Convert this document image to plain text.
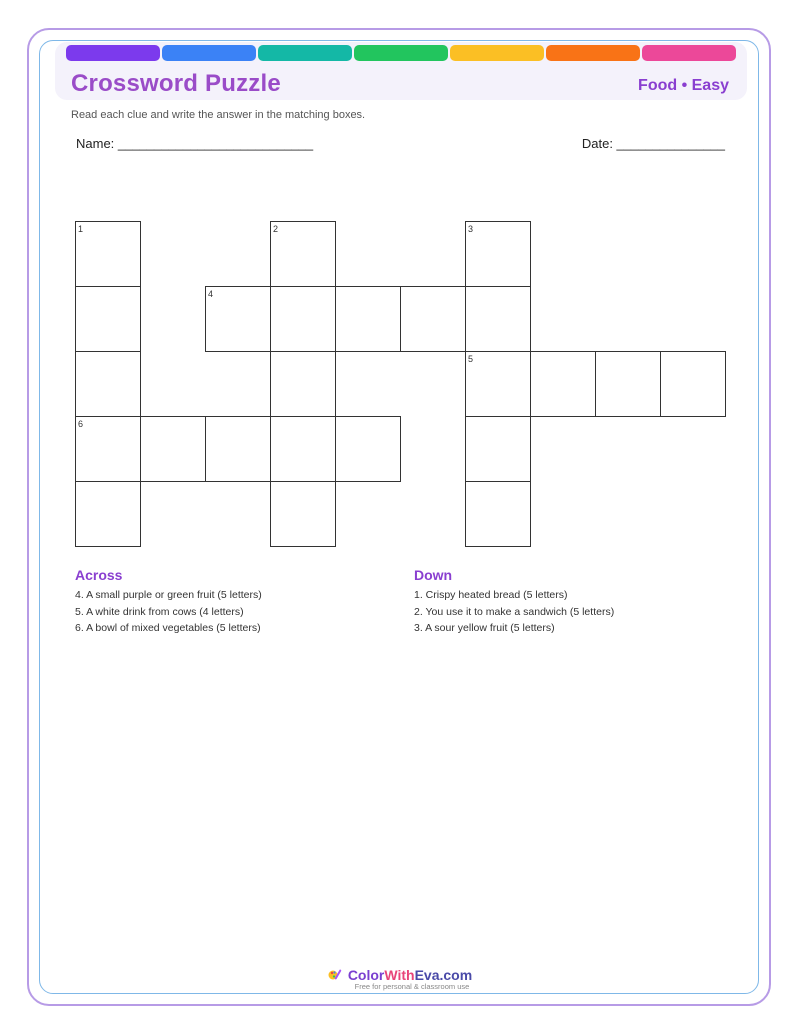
Crossword Puzzle	Food • Easy
Read each clue and write the answer in the matching boxes.
Name: ___________________________	Date: _______________
1	2	3
4
5
6
Across
4. A small purple or green fruit (5 letters)
5. A white drink from cows (4 letters)
6. A bowl of mixed vegetables (5 letters)
Down
1. Crispy heated bread (5 letters)
2. You use it to make a sandwich (5 letters)
3. A sour yellow fruit (5 letters)
ColorWithEva.com
Free for personal & classroom use
